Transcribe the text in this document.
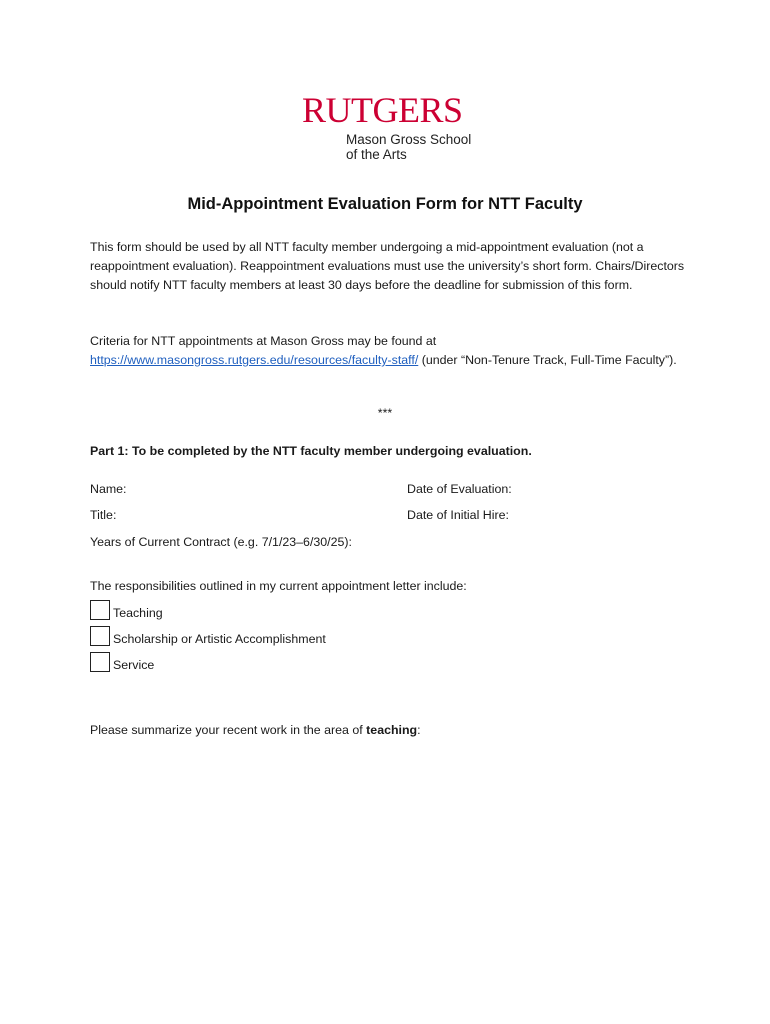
RUTGERS
Mason Gross School
of the Arts
Mid-Appointment Evaluation Form for NTT Faculty
This form should be used by all NTT faculty member undergoing a mid-appointment evaluation (not a reappointment evaluation). Reappointment evaluations must use the university’s short form. Chairs/Directors should notify NTT faculty members at least 30 days before the deadline for submission of this form.
Criteria for NTT appointments at Mason Gross may be found at
https://www.masongross.rutgers.edu/resources/faculty-staff/ (under “Non-Tenure Track, Full-Time Faculty”).
***
Part 1: To be completed by the NTT faculty member undergoing evaluation.
Name:	Date of Evaluation:
Title:	Date of Initial Hire:
Years of Current Contract (e.g. 7/1/23–6/30/25):
The responsibilities outlined in my current appointment letter include:
Teaching
Scholarship or Artistic Accomplishment
Service
Please summarize your recent work in the area of teaching:
